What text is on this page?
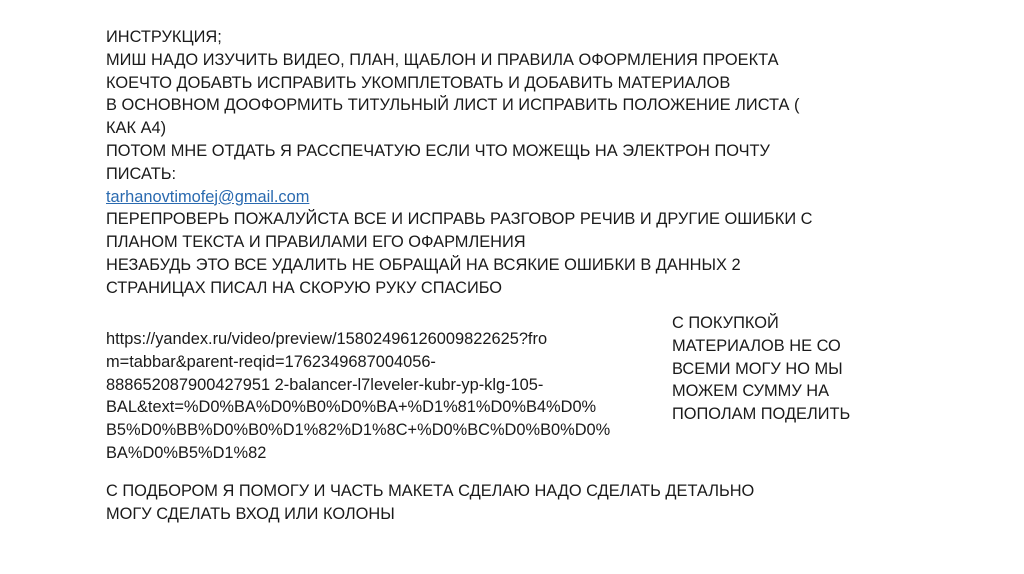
ИНСТРУКЦИЯ;
МИШ НАДО ИЗУЧИТЬ ВИДЕО, ПЛАН, ЩАБЛОН И ПРАВИЛА ОФОРМЛЕНИЯ ПРОЕКТА
КОЕЧТО ДОБАВТЬ ИСПРАВИТЬ УКОМПЛЕТОВАТЬ И ДОБАВИТЬ МАТЕРИАЛОВ
В ОСНОВНОМ ДООФОРМИТЬ ТИТУЛЬНЫЙ ЛИСТ И ИСПРАВИТЬ ПОЛОЖЕНИЕ ЛИСТА (
КАК А4)
ПОТОМ МНЕ ОТДАТЬ Я РАССПЕЧАТУЮ ЕСЛИ ЧТО МОЖЕЩЬ НА ЭЛЕКТРОН ПОЧТУ
ПИСАТЬ:
tarhanovtimofej@gmail.com
ПЕРЕПРОВЕРЬ ПОЖАЛУЙСТА ВСЕ И ИСПРАВЬ РАЗГОВОР РЕЧИВ И ДРУГИЕ ОШИБКИ С
ПЛАНОМ ТЕКСТА И ПРАВИЛАМИ ЕГО ОФАРМЛЕНИЯ
НЕЗАБУДЬ ЭТО ВСЕ УДАЛИТЬ НЕ ОБРАЩАЙ НА ВСЯКИЕ ОШИБКИ В ДАННЫХ 2
СТРАНИЦАХ ПИСАЛ НА СКОРУЮ РУКУ СПАСИБО
https://yandex.ru/video/preview/15802496126009822625?fro
m=tabbar&parent-reqid=1762349687004056-
888652087900427951 2-balancer-l7leveler-kubr-yp-klg-105-
BAL&text=%D0%BA%D0%B0%D0%BA+%D1%81%D0%B4%D0%
B5%D0%BB%D0%B0%D1%82%D1%8C+%D0%BC%D0%B0%D0%
BA%D0%B5%D1%82
С ПОКУПКОЙ
МАТЕРИАЛОВ НЕ СО
ВСЕМИ МОГУ НО МЫ
МОЖЕМ СУММУ НА
ПОПОЛАМ ПОДЕЛИТЬ
С ПОДБОРОМ Я ПОМОГУ И ЧАСТЬ МАКЕТА СДЕЛАЮ НАДО СДЕЛАТЬ ДЕТАЛЬНО
МОГУ СДЕЛАТЬ ВХОД ИЛИ КОЛОНЫ
